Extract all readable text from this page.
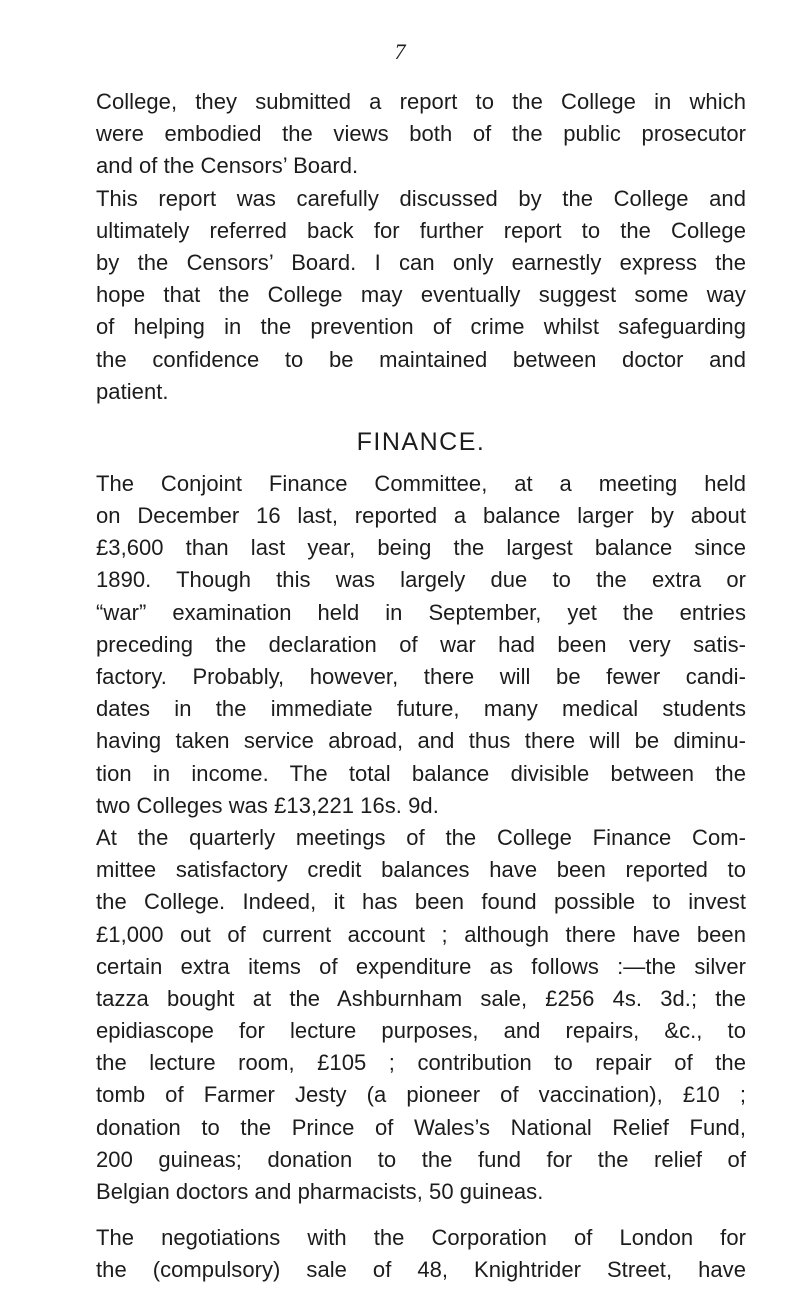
7
College, they submitted a report to the College in which
were embodied the views both of the public prosecutor
and of the Censors’ Board.
This report was carefully discussed by the College and
ultimately referred back for further report to the College
by the Censors’ Board. I can only earnestly express the
hope that the College may eventually suggest some way
of helping in the prevention of crime whilst safeguarding
the confidence to be maintained between doctor and
patient.
FINANCE.
The Conjoint Finance Committee, at a meeting held
on December 16 last, reported a balance larger by about
£3,600 than last year, being the largest balance since
1890. Though this was largely due to the extra or
“war” examination held in September, yet the entries
preceding the declaration of war had been very satis-
factory. Probably, however, there will be fewer candi-
dates in the immediate future, many medical students
having taken service abroad, and thus there will be diminu-
tion in income. The total balance divisible between the
two Colleges was £13,221 16s. 9d.
At the quarterly meetings of the College Finance Com-
mittee satisfactory credit balances have been reported to
the College. Indeed, it has been found possible to invest
£1,000 out of current account ; although there have been
certain extra items of expenditure as follows :—the silver
tazza bought at the Ashburnham sale, £256 4s. 3d.; the
epidiascope for lecture purposes, and repairs, &c., to
the lecture room, £105 ; contribution to repair of the
tomb of Farmer Jesty (a pioneer of vaccination), £10 ;
donation to the Prince of Wales’s National Relief Fund,
200 guineas; donation to the fund for the relief of
Belgian doctors and pharmacists, 50 guineas.
The negotiations with the Corporation of London for
the (compulsory) sale of 48, Knightrider Street, have
